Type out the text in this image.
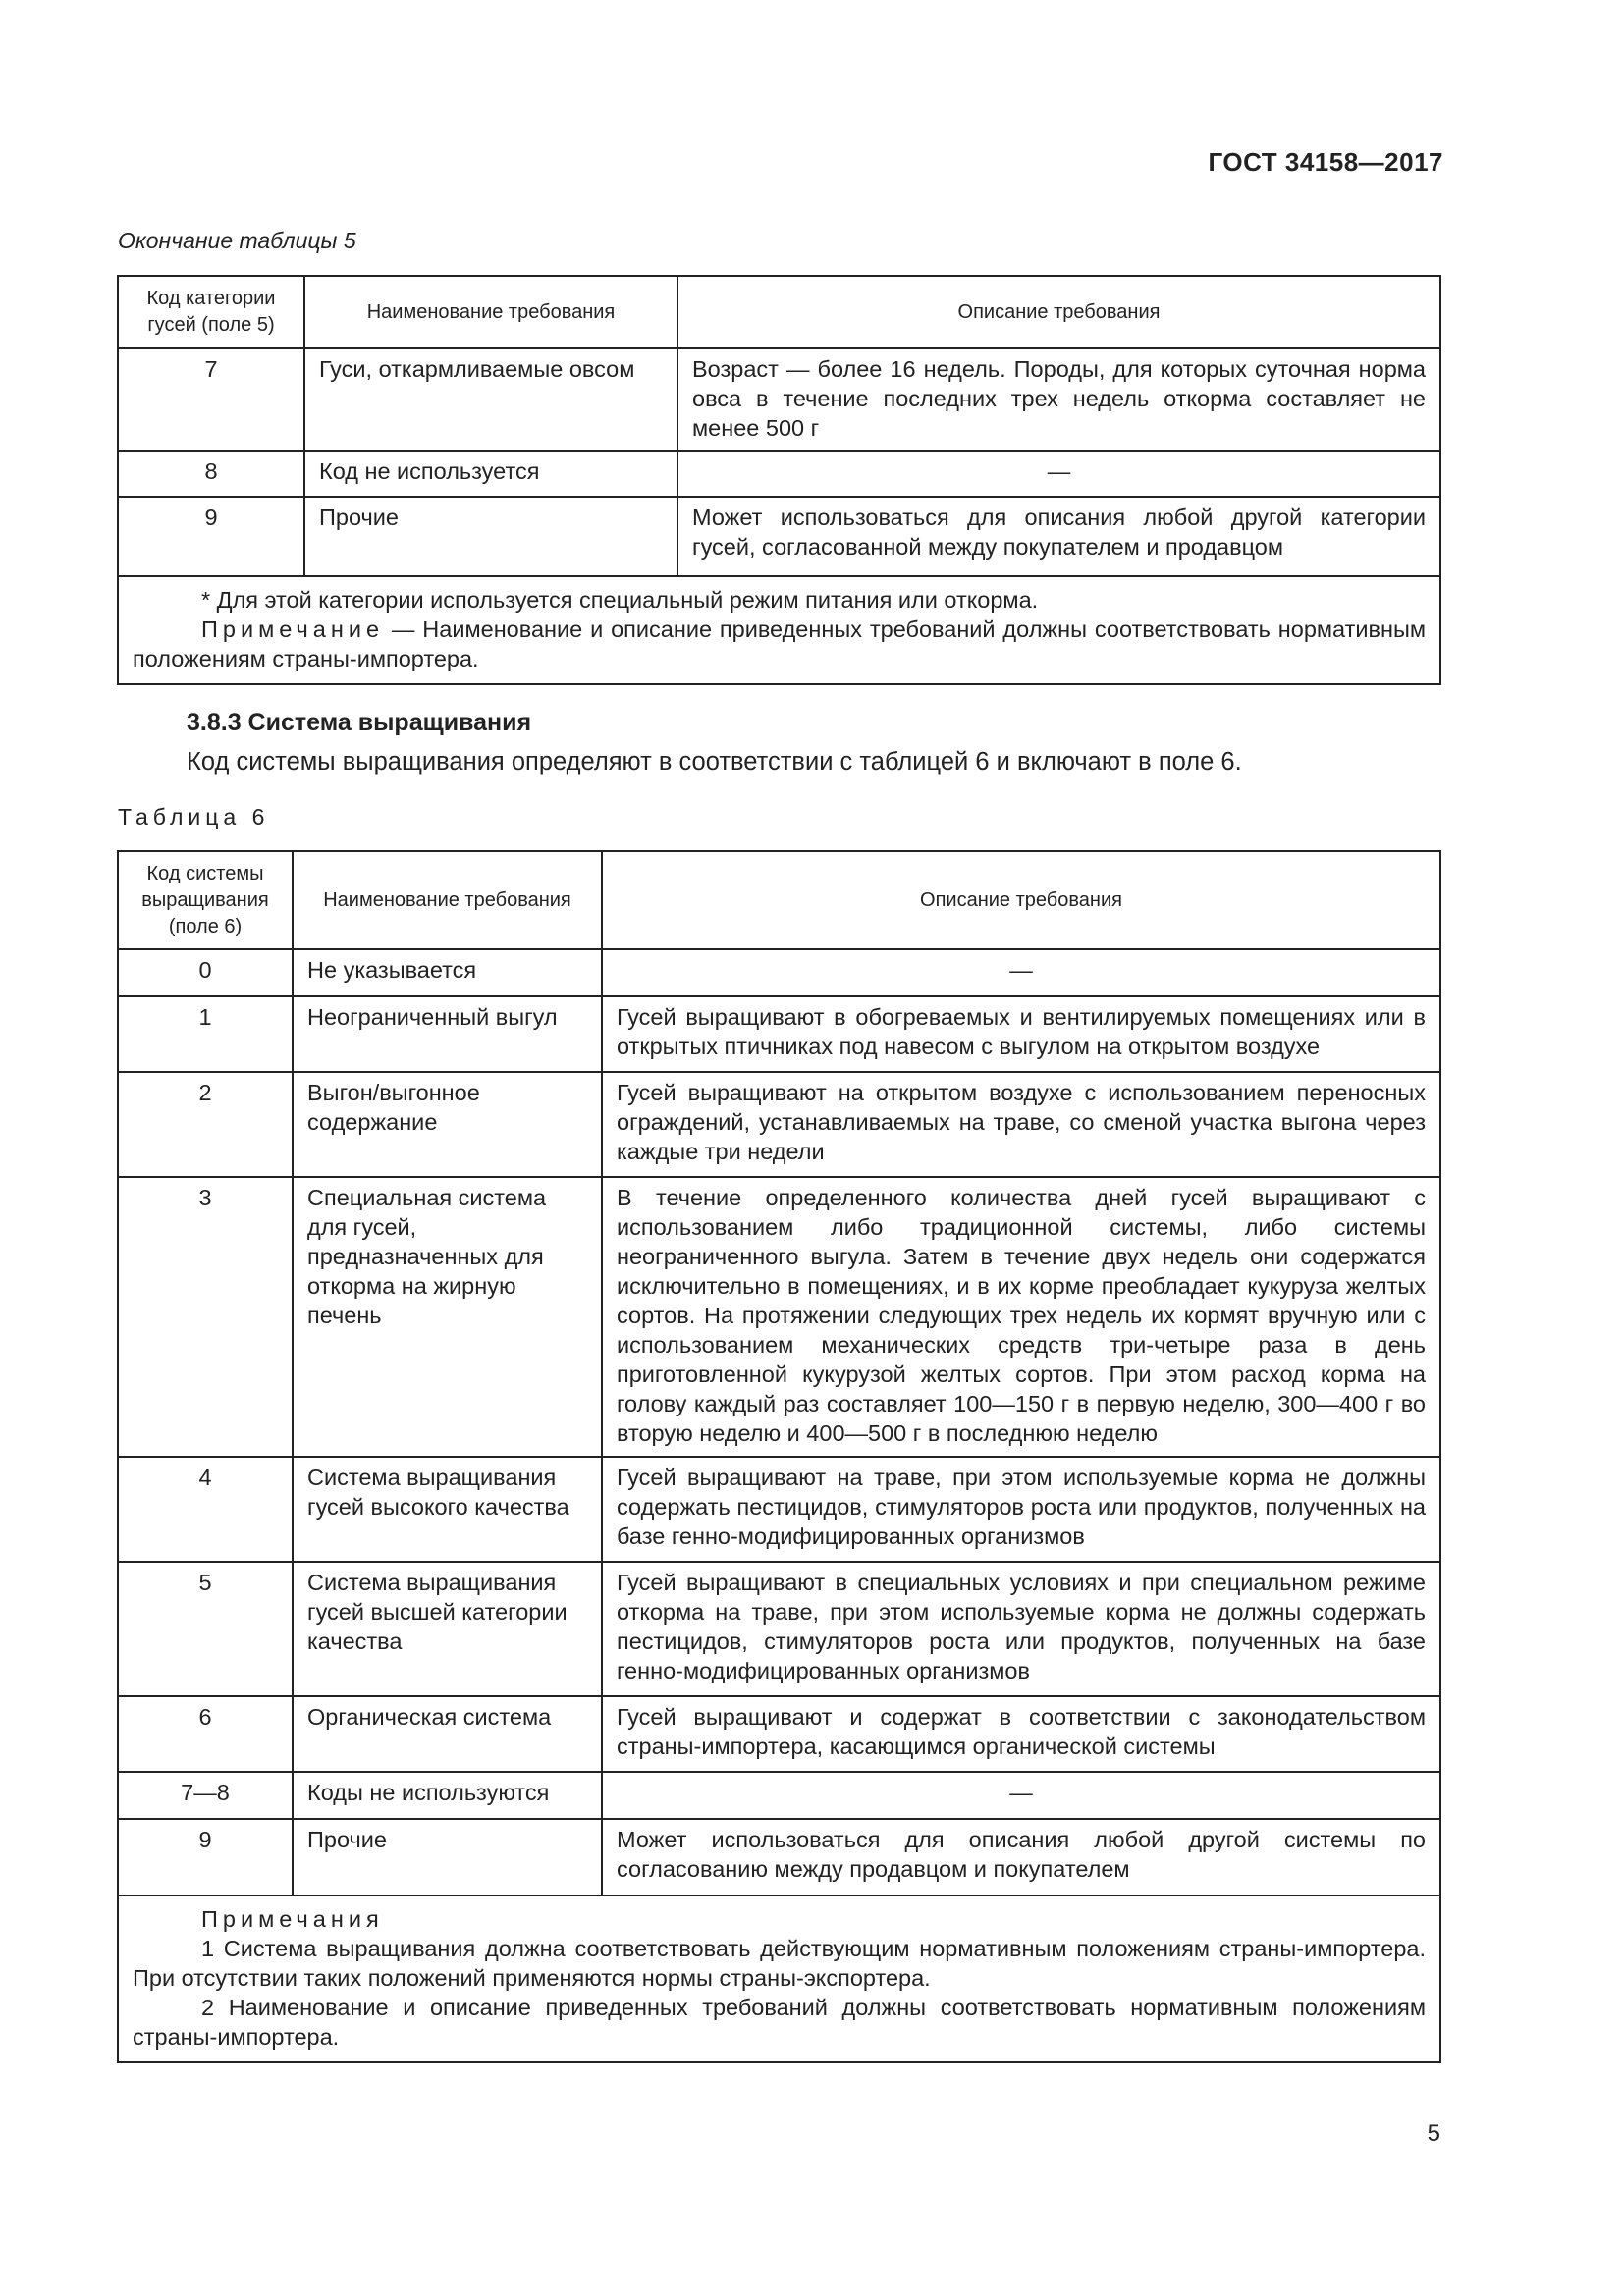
ГОСТ 34158—2017
Окончание таблицы 5
Код категории гусей (поле 5)	Наименование требования	Описание требования
7	Гуси, откармливаемые овсом	Возраст — более 16 недель. Породы, для которых суточная норма овса в течение последних трех недель откорма составляет не менее 500 г
8	Код не используется	—
9	Прочие	Может использоваться для описания любой другой категории гусей, согласованной между покупателем и продавцом

* Для этой категории используется специальный режим питания или откорма.

Примечание — Наименование и описание приведенных требований должны соответствовать нормативным положениям страны-импортера.		

3.8.3 Система выращивания
Код системы выращивания определяют в соответствии с таблицей 6 и включают в поле 6.
Таблица 6
Код системы выращивания (поле 6)	Наименование требования	Описание требования
0	Не указывается	—
1	Неограниченный выгул	Гусей выращивают в обогреваемых и вентилируемых помещениях или в открытых птичниках под навесом с выгулом на открытом воздухе
2	Выгон/выгонное содержание	Гусей выращивают на открытом воздухе с использованием переносных ограждений, устанавливаемых на траве, со сменой участка выгона через каждые три недели
3	Специальная система для гусей, предназначенных для откорма на жирную печень	В течение определенного количества дней гусей выращивают с использованием либо традиционной системы, либо системы неограниченного выгула. Затем в течение двух недель они содержатся исключительно в помещениях, и в их корме преобладает кукуруза желтых сортов. На протяжении следующих трех недель их кормят вручную или с использованием механических средств три-четыре раза в день приготовленной кукурузой желтых сортов. При этом расход корма на голову каждый раз составляет 100—150 г в первую неделю, 300—400 г во вторую неделю и 400—500 г в последнюю неделю
4	Система выращивания гусей высокого качества	Гусей выращивают на траве, при этом используемые корма не должны содержать пестицидов, стимуляторов роста или продуктов, полученных на базе генно-модифицированных организмов
5	Система выращивания гусей высшей категории качества	Гусей выращивают в специальных условиях и при специальном режиме откорма на траве, при этом используемые корма не должны содержать пестицидов, стимуляторов роста или продуктов, полученных на базе генно-модифицированных организмов
6	Органическая система	Гусей выращивают и содержат в соответствии с законодательством страны-импортера, касающимся органической системы
7—8	Коды не используются	—
9	Прочие	Может использоваться для описания любой другой системы по согласованию между продавцом и покупателем

Примечания

1 Система выращивания должна соответствовать действующим нормативным положениям страны-импортера. При отсутствии таких положений применяются нормы страны-экспортера.

2 Наименование и описание приведенных требований должны соответствовать нормативным положениям страны-импортера.		

5
